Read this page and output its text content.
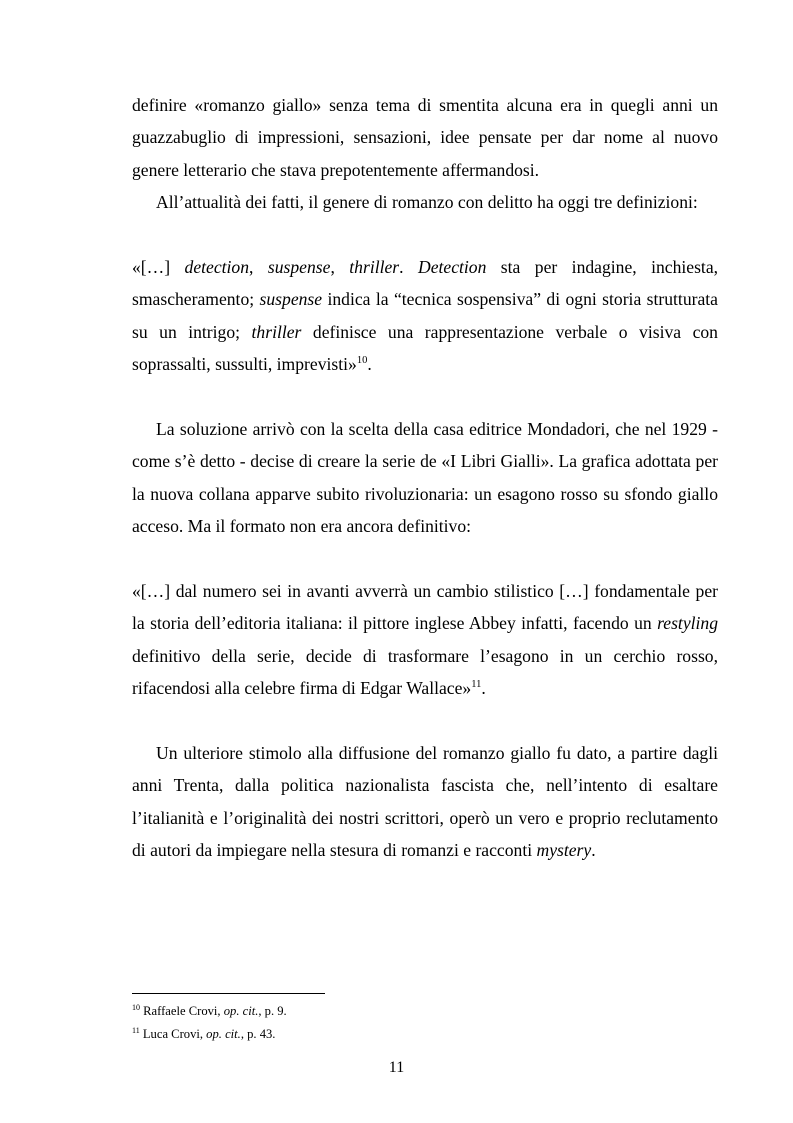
definire «romanzo giallo» senza tema di smentita alcuna era in quegli anni un guazzabuglio di impressioni, sensazioni, idee pensate per dar nome al nuovo genere letterario che stava prepotentemente affermandosi.

All’attualità dei fatti, il genere di romanzo con delitto ha oggi tre definizioni:

«[…] detection, suspense, thriller. Detection sta per indagine, inchiesta, smascheramento; suspense indica la “tecnica sospensiva” di ogni storia strutturata su un intrigo; thriller definisce una rappresentazione verbale o visiva con soprassalti, sussulti, imprevisti»$^{10}$.

La soluzione arrivò con la scelta della casa editrice Mondadori, che nel 1929 - come s’è detto - decise di creare la serie de «I Libri Gialli». La grafica adottata per la nuova collana apparve subito rivoluzionaria: un esagono rosso su sfondo giallo acceso. Ma il formato non era ancora definitivo:

«[…] dal numero sei in avanti avverrà un cambio stilistico […] fondamentale per la storia dell’editoria italiana: il pittore inglese Abbey infatti, facendo un restyling definitivo della serie, decide di trasformare l’esagono in un cerchio rosso, rifacendosi alla celebre firma di Edgar Wallace»$^{11}$.

Un ulteriore stimolo alla diffusione del romanzo giallo fu dato, a partire dagli anni Trenta, dalla politica nazionalista fascista che, nell’intento di esaltare l’italianità e l’originalità dei nostri scrittori, operò un vero e proprio reclutamento di autori da impiegare nella stesura di romanzi e racconti mystery.

$^{10}$ Raffaele Crovi, op. cit., p. 9.

$^{11}$ Luca Crovi, op. cit., p. 43.

11
